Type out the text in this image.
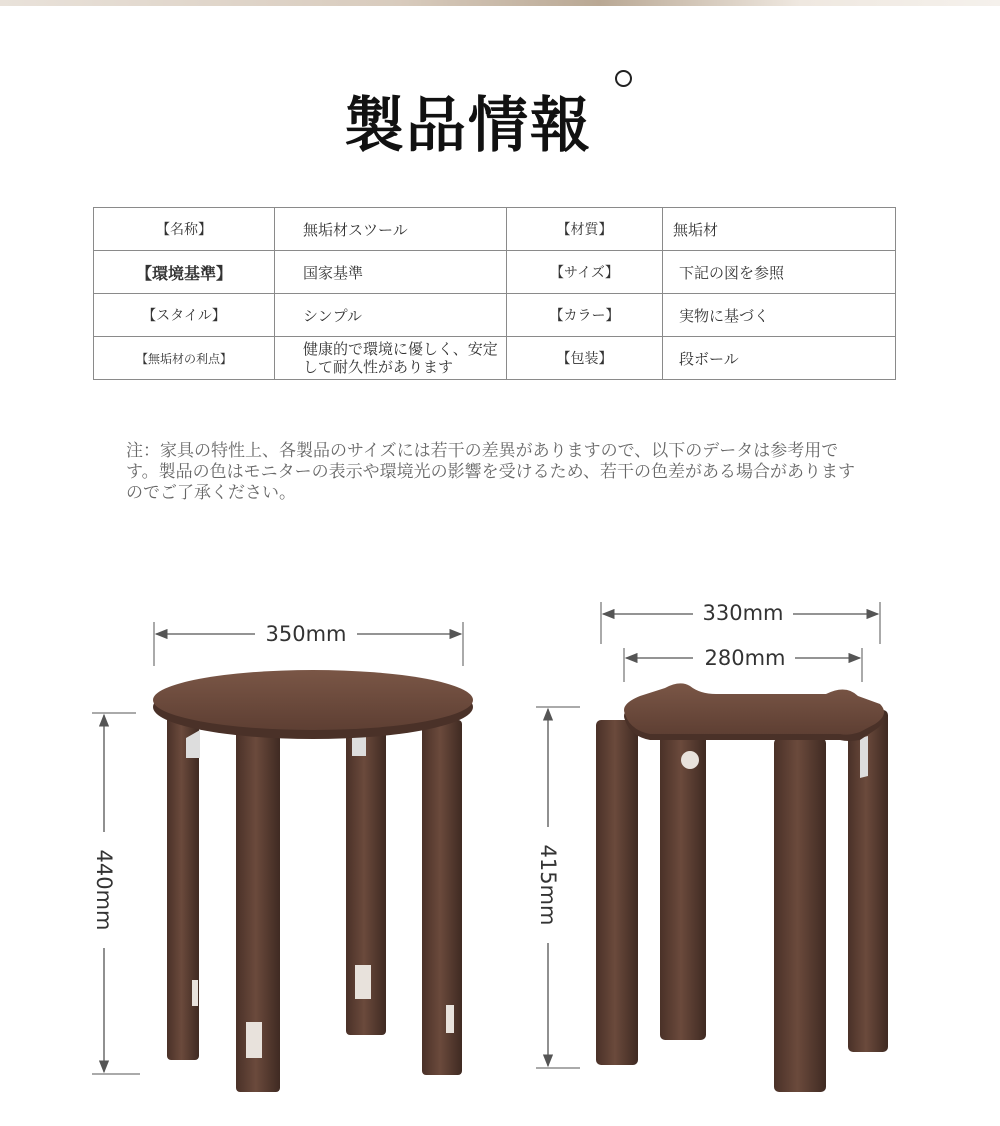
製品情報
【名称】	無垢材スツール	【材質】	無垢材
【環境基準】	国家基準	【サイズ】	下記の図を参照
【スタイル】	シンプル	【カラー】	実物に基づく
【無垢材の利点】	健康的で環境に優しく、安定して耐久性があります	【包装】	段ボール
注：家具の特性上、各製品のサイズには若干の差異がありますので、以下のデータは参考用です。製品の色はモニターの表示や環境光の影響を受けるため、若干の色差がある場合がありますのでご了承ください。
350mm
440mm
330mm
280mm
415mm
